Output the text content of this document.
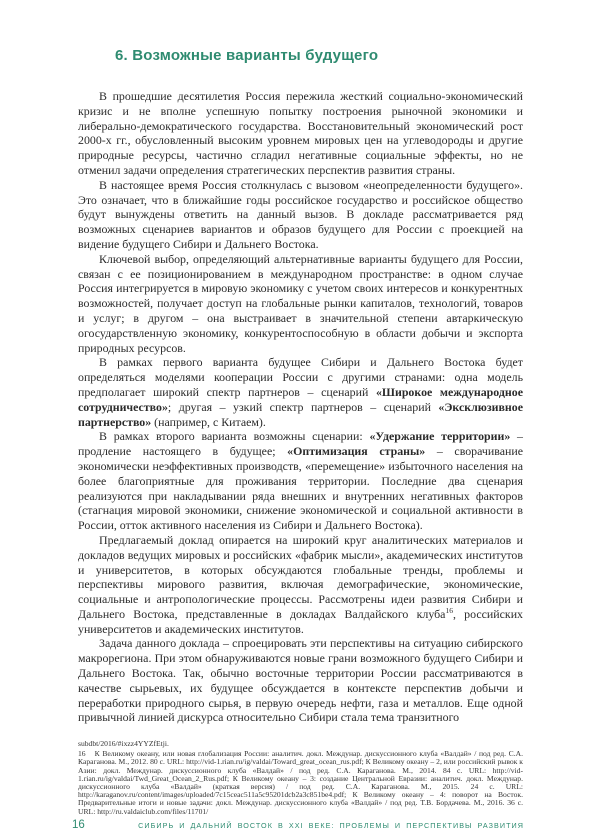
6. Возможные варианты будущего

В прошедшие десятилетия Россия пережила жесткий социально-экономический кризис и не вполне успешную попытку построения рыночной экономики и либерально-демократического государства. Восстановительный экономический рост 2000-х гг., обусловленный высоким уровнем мировых цен на углеводороды и другие природные ресурсы, частично сгладил негативные социальные эффекты, но не отменил задачи определения стратегических перспектив развития страны.

В настоящее время Россия столкнулась с вызовом «неопределенности будущего». Это означает, что в ближайшие годы российское государство и российское общество будут вынуждены ответить на данный вызов. В докладе рассматривается ряд возможных сценариев вариантов и образов будущего для России с проекцией на видение будущего Сибири и Дальнего Востока.

Ключевой выбор, определяющий альтернативные варианты будущего для России, связан с ее позиционированием в международном пространстве: в одном случае Россия интегрируется в мировую экономику с учетом своих интересов и конкурентных возможностей, получает доступ на глобальные рынки капиталов, технологий, товаров и услуг; в другом – она выстраивает в значительной степени автаркическую огосударствленную экономику, конкурентоспособную в области добычи и экспорта природных ресурсов.

В рамках первого варианта будущее Сибири и Дальнего Востока будет определяться моделями кооперации России с другими странами: одна модель предполагает широкий спектр партнеров – сценарий «Широкое международное сотрудничество»; другая – узкий спектр партнеров – сценарий «Эксклюзивное партнерство» (например, с Китаем).

В рамках второго варианта возможны сценарии: «Удержание территории» – продление настоящего в будущее; «Оптимизация страны» – сворачивание экономически неэффективных производств, «перемещение» избыточного населения на более благоприятные для проживания территории. Последние два сценария реализуются при накладывании ряда внешних и внутренних негативных факторов (стагнация мировой экономики, снижение экономической и социальной активности в России, отток активного населения из Сибири и Дальнего Востока).

Предлагаемый доклад опирается на широкий круг аналитических материалов и докладов ведущих мировых и российских «фабрик мысли», академических институтов и университетов, в которых обсуждаются глобальные тренды, проблемы и перспективы мирового развития, включая демографические, экономические, социальные и антропологические процессы. Рассмотрены идеи развития Сибири и Дальнего Востока, представленные в докладах Валдайского клуба$^{16}$, российских университетов и академических институтов.

Задача данного доклада – спроецировать эти перспективы на ситуацию сибирского макрорегиона. При этом обнаруживаются новые грани возможного будущего Сибири и Дальнего Востока. Так, обычно восточные территории России рассматриваются в качестве сырьевых, их будущее обсуждается в контексте перспектив добычи и переработки природного сырья, в первую очередь нефти, газа и металлов. Еще одной привычной линией дискурса относительно Сибири стала тема транзитного

subdbt/2016/#ixzz4YYZfEtji.

16 К Великому океану, или новая глобализация России: аналитич. докл. Междунар. дискуссионного клуба «Валдай» / под ред. С.А. Караганова. М., 2012. 80 с. URL: http://vid-1.rian.ru/ig/valdai/Toward_great_ocean_rus.pdf; К Великому океану – 2, или российский рывок к Азии: докл. Междунар. дискуссионного клуба «Валдай» / под ред. С.А. Караганова. М., 2014. 84 с. URL: http://vid-1.rian.ru/ig/valdai/Twd_Great_Ocean_2_Rus.pdf; К Великому океану – 3: создание Центральной Евразии: аналитич. докл. Междунар. дискуссионного клуба «Валдай» (краткая версия) / под ред. С.А. Караганова. М., 2015. 24 с. URL: http://karaganov.ru/content/images/uploaded/7c15ceac511a5c95201dcb2a3c851be4.pdf; К Великому океану – 4: поворот на Восток. Предварительные итоги и новые задачи: докл. Междунар. дискуссионного клуба «Валдай» / под ред. Т.В. Бордачева. М., 2016. 36 с. URL: http://ru.valdaiclub.com/files/11701/

16	СИБИРЬ И ДАЛЬНИЙ ВОСТОК В XXI ВЕКЕ: ПРОБЛЕМЫ И ПЕРСПЕКТИВЫ РАЗВИТИЯ
